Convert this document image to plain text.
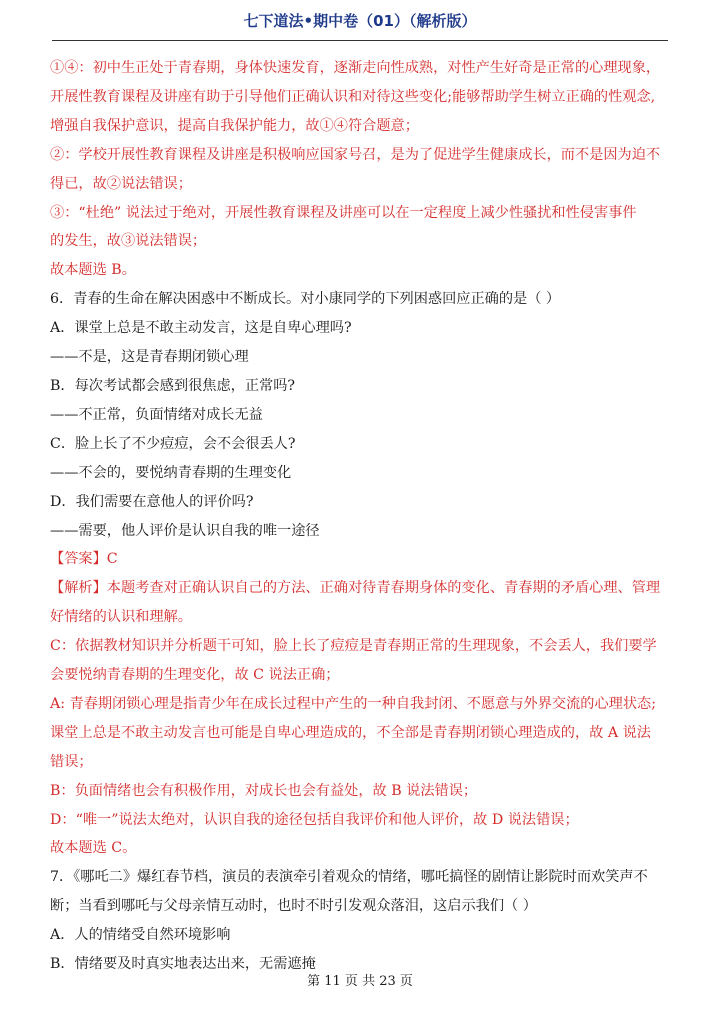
七下道法•期中卷（01）（解析版）
①④：初中生正处于青春期，身体快速发育，逐渐走向性成熟，对性产生好奇是正常的心理现象，
开展性教育课程及讲座有助于引导他们正确认识和对待这些变化;能够帮助学生树立正确的性观念,
增强自我保护意识，提高自我保护能力，故①④符合题意；
②：学校开展性教育课程及讲座是积极响应国家号召，是为了促进学生健康成长，而不是因为迫不
得已，故②说法错误；
③：“杜绝” 说法过于绝对，开展性教育课程及讲座可以在一定程度上减少性骚扰和性侵害事件
的发生，故③说法错误；
故本题选 B。
6．青春的生命在解决困惑中不断成长。对小康同学的下列困惑回应正确的是（ ）
A．课堂上总是不敢主动发言，这是自卑心理吗?
——不是，这是青春期闭锁心理
B．每次考试都会感到很焦虑，正常吗?
——不正常，负面情绪对成长无益
C．脸上长了不少痘痘，会不会很丢人?
——不会的，要悦纳青春期的生理变化
D．我们需要在意他人的评价吗?
——需要，他人评价是认识自我的唯一途径
【答案】C
【解析】本题考查对正确认识自己的方法、正确对待青春期身体的变化、青春期的矛盾心理、管理
好情绪的认识和理解。
C：依据教材知识并分析题干可知，脸上长了痘痘是青春期正常的生理现象，不会丢人，我们要学
会要悦纳青春期的生理变化，故 C 说法正确；
A: 青春期闭锁心理是指青少年在成长过程中产生的一种自我封闭、不愿意与外界交流的心理状态;
课堂上总是不敢主动发言也可能是自卑心理造成的，不全部是青春期闭锁心理造成的，故 A 说法
错误；
B：负面情绪也会有积极作用，对成长也会有益处，故 B 说法错误；
D：“唯一”说法太绝对，认识自我的途径包括自我评价和他人评价，故 D 说法错误；
故本题选 C。
7．《哪吒二》爆红春节档，演员的表演牵引着观众的情绪，哪吒搞怪的剧情让影院时而欢笑声不
断；当看到哪吒与父母亲情互动时，也时不时引发观众落泪，这启示我们（ ）
A．人的情绪受自然环境影响
B．情绪要及时真实地表达出来，无需遮掩
第 11 页 共 23 页
